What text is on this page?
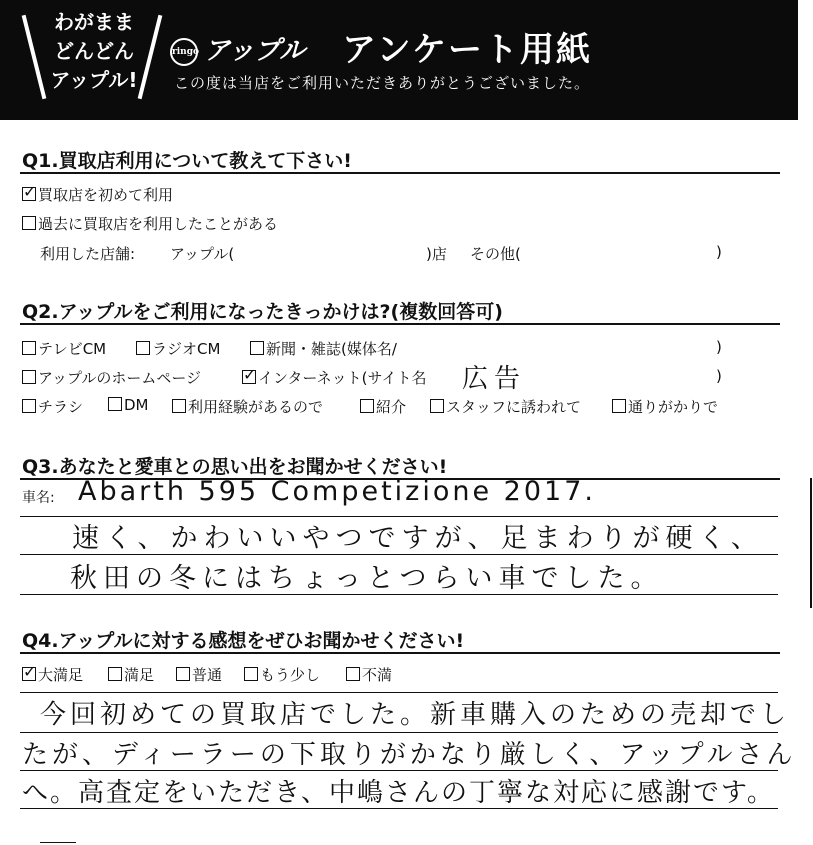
わがまま
どんどん
アップル!
ringo アップル アンケート用紙
この度は当店をご利用いただきありがとうございました。
Q1.買取店利用について教えて下さい!
✓買取店を初めて利用
過去に買取店を利用したことがある
利用した店舗: アップル(	)店 その他(	)
Q2.アップルをご利用になったきっかけは?(複数回答可)
テレビCM	ラジオCM	新聞・雑誌(媒体名/	)
アップルのホームページ
✓	インターネット(サイト名 広告	)
チラシ	DM	利用経験があるので	紹介	スタッフに誘われて	通りがかりで
Q3.あなたと愛車との思い出をお聞かせください!
車名: Abarth 595 Competizione 2017.
速く、かわいいやつですが、足まわりが硬く、
秋田の冬にはちょっとつらい車でした。
Q4.アップルに対する感想をぜひお聞かせください!
✓大満足	満足	普通	もう少し	不満
今回初めての買取店でした。新車購入のための売却でし
たが、ディーラーの下取りがかなり厳しく、アップルさん
へ。高査定をいただき、中嶋さんの丁寧な対応に感謝です。
